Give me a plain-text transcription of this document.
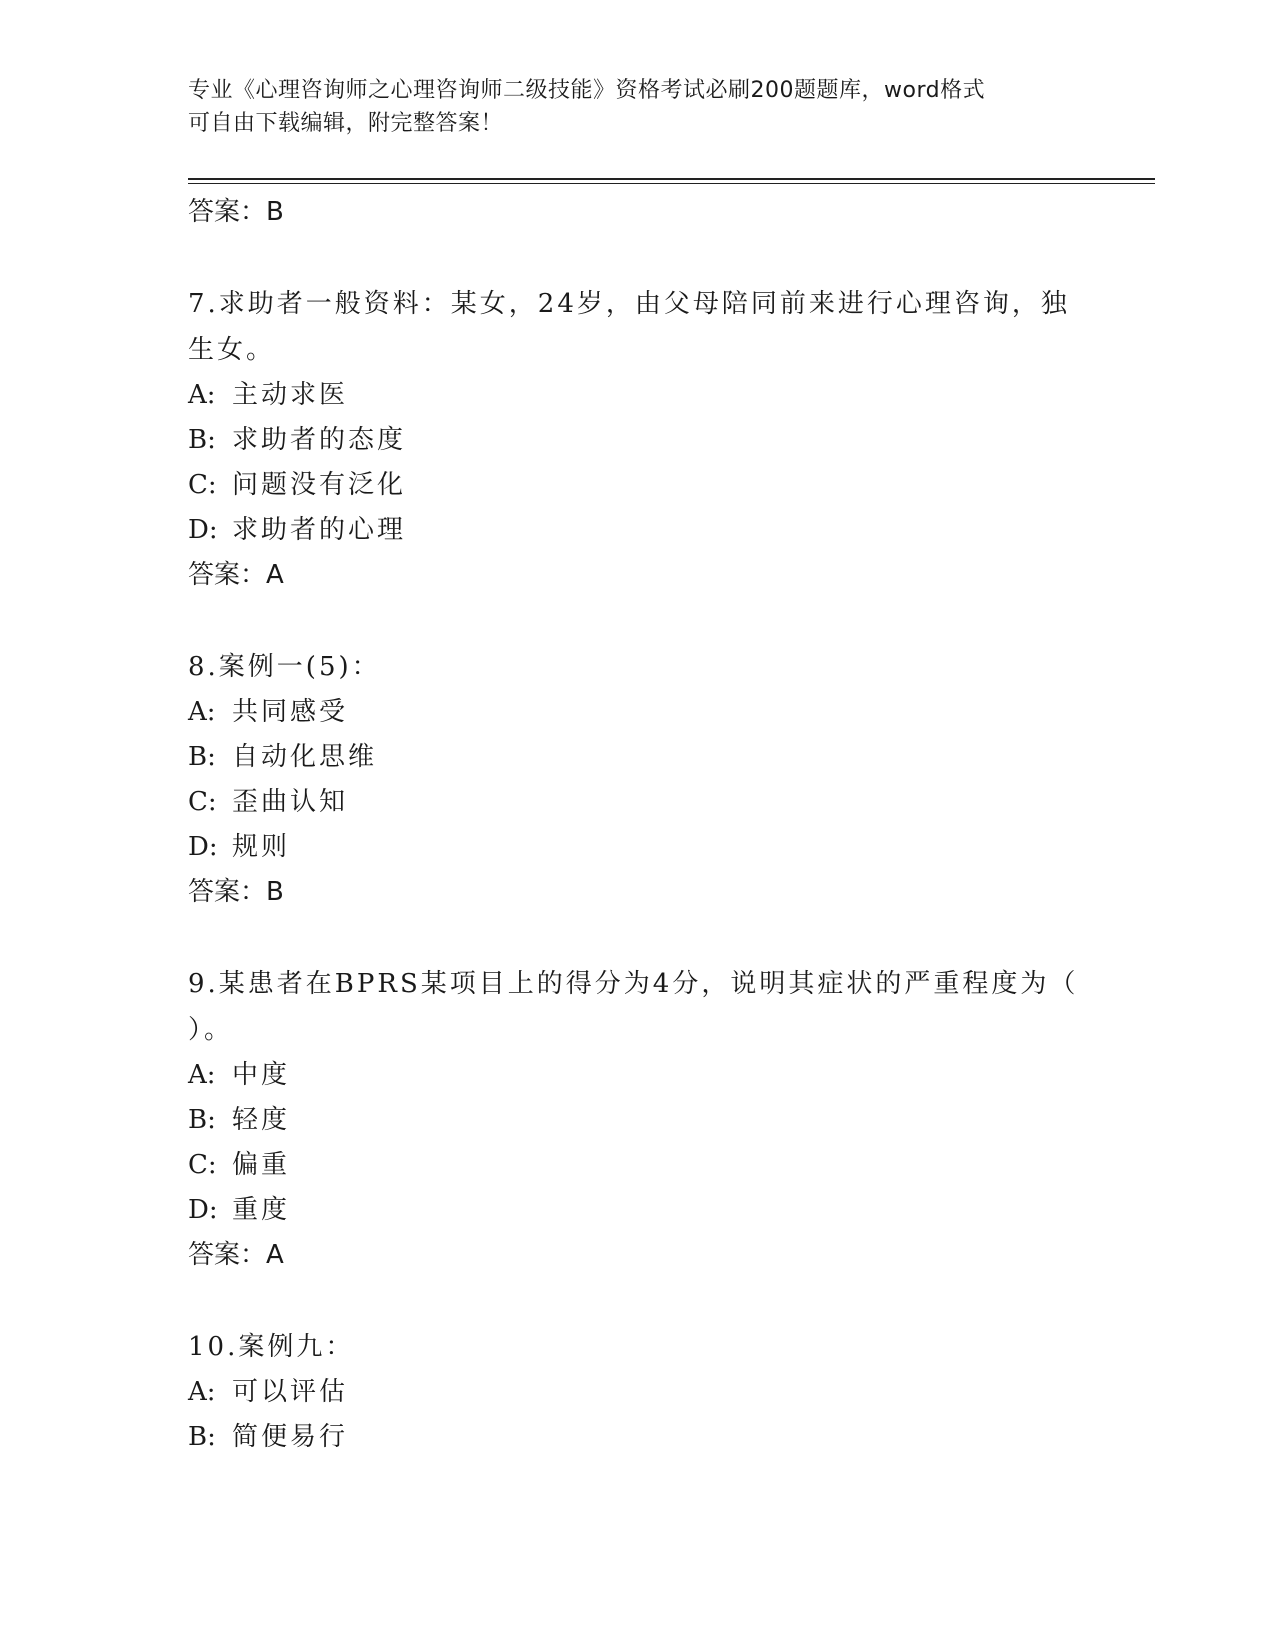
专业《心理咨询师之心理咨询师二级技能》资格考试必刷200题题库，word格式
可自由下载编辑，附完整答案！
答案：B
7.求助者一般资料：某女，24岁，由父母陪同前来进行心理咨询，独
生女。
A: 主动求医
B: 求助者的态度
C: 问题没有泛化
D: 求助者的心理
答案：A
8.案例一(5)：
A: 共同感受
B: 自动化思维
C: 歪曲认知
D: 规则
答案：B
9.某患者在BPRS某项目上的得分为4分，说明其症状的严重程度为（
）。
A: 中度
B: 轻度
C: 偏重
D: 重度
答案：A
10.案例九：
A: 可以评估
B: 简便易行
